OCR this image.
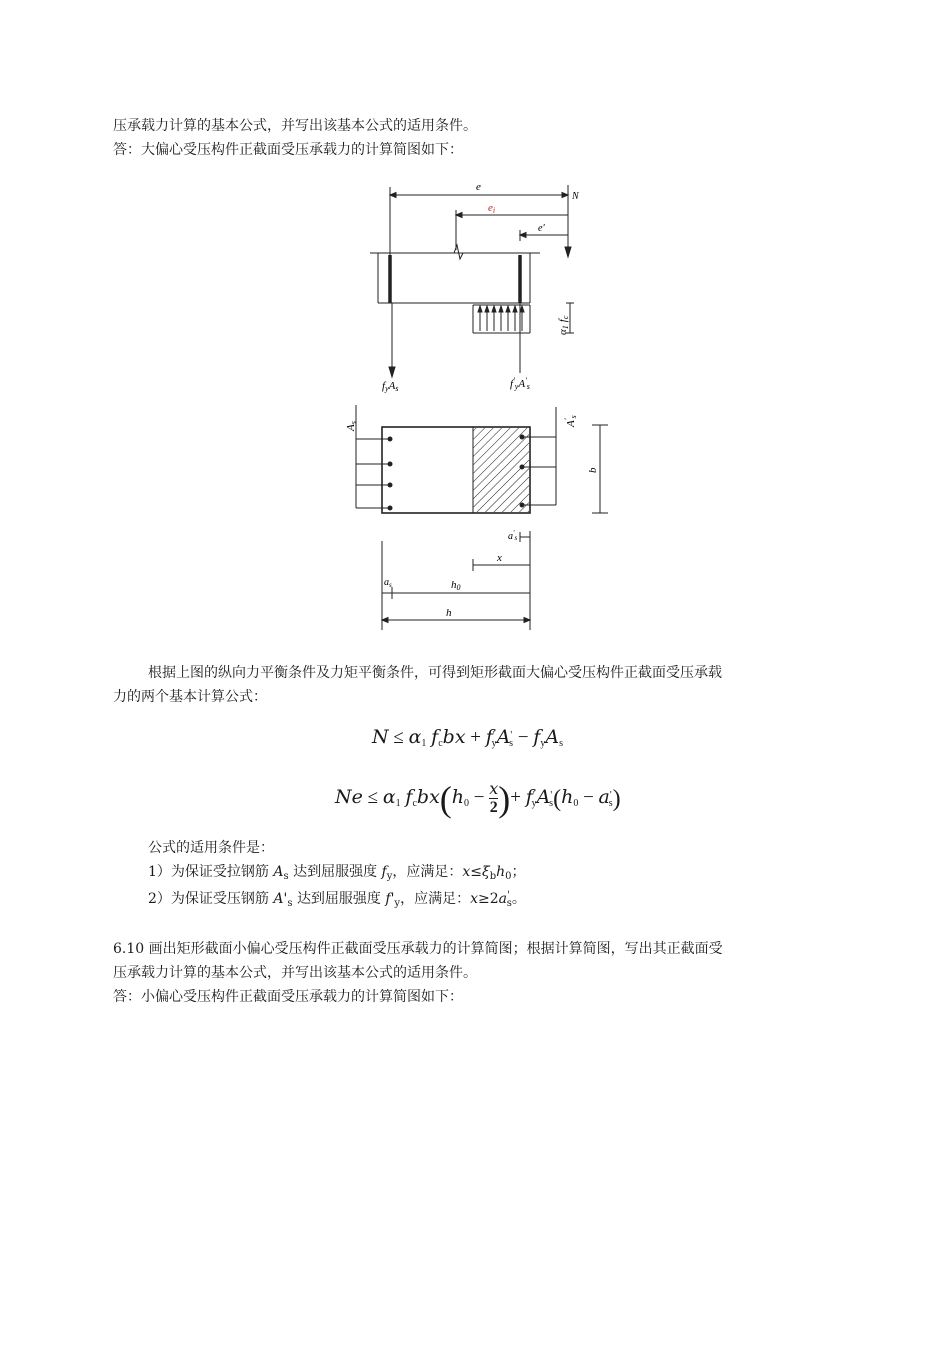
压承载力计算的基本公式，并写出该基本公式的适用条件。
答：大偏心受压构件正截面受压承载力的计算简图如下：
e
ei
e'
N
α1fc
fyAs	$f'_yA'_s$
As	$A'_s$
b
$a'_s$
x
$a_s$	h0
h
根据上图的纵向力平衡条件及力矩平衡条件，可得到矩形截面大偏心受压构件正截面受压承载
力的两个基本计算公式：
$N \le \alpha_1$ $f_cbx + f'_yA'_s - f_yA_s$
$Ne \le \alpha_1$ $f_cbx(h_0 - \frac{x}{2}$ )+ $f'_yA'_s(h_0 - a'_s)$
公式的适用条件是：
1）为保证受拉钢筋 $A_s$ 达到屈服强度 $f_y$，应满足：$x\le\xi_bh_0$；
2）为保证受压钢筋 $A'_s$ 达到屈服强度 $f'_y$，应满足：$x\ge 2a'_s$。
6.10 画出矩形截面小偏心受压构件正截面受压承载力的计算简图；根据计算简图，写出其正截面受
压承载力计算的基本公式，并写出该基本公式的适用条件。
答：小偏心受压构件正截面受压承载力的计算简图如下：
